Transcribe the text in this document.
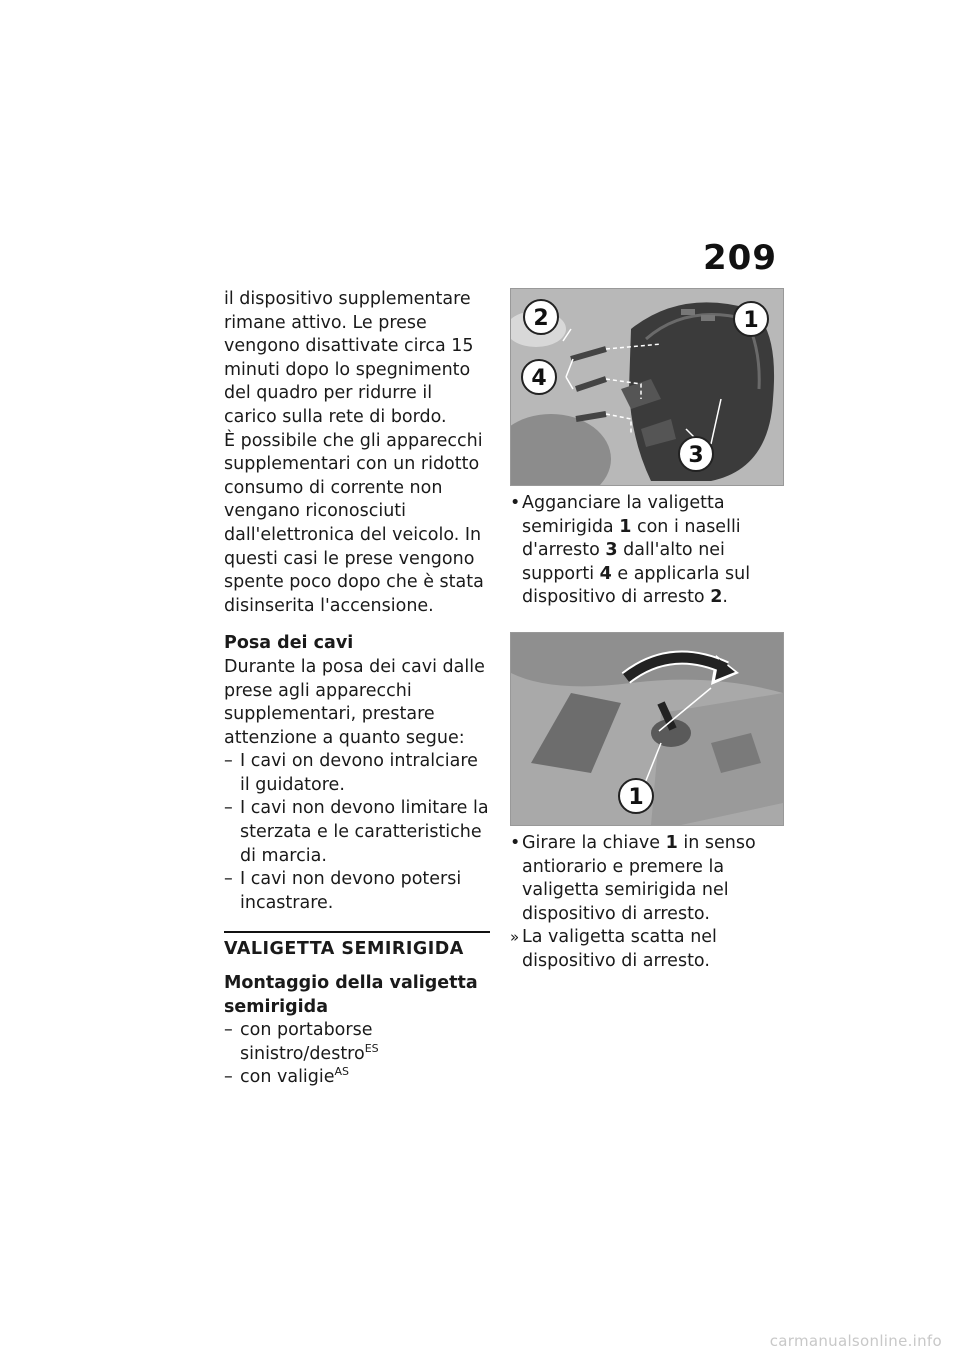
209

il dispositivo supplementare rimane attivo. Le prese vengono disattivate circa 15 minuti dopo lo spegnimento del quadro per ridurre il carico sulla rete di bordo.

È possibile che gli apparecchi supplementari con un ridotto consumo di corrente non vengano riconosciuti dall'elettronica del veicolo. In questi casi le prese vengono spente poco dopo che è stata disinserita l'accensione.

Posa dei cavi

Durante la posa dei cavi dalle prese agli apparecchi supplementari, prestare attenzione a quanto segue:

– I cavi on devono intralciare il guidatore.

– I cavi non devono limitare la sterzata e le caratteristiche di marcia.

– I cavi non devono potersi incastrare.

VALIGETTA SEMIRIGIDA

Montaggio della valigetta semirigida

– con portaborse sinistro/destro$^{ES}$

– con valigie$^{AS}$

2
4
1
3

• Agganciare la valigetta semirigida 1 con i naselli d'arresto 3 dall'alto nei supporti 4 e applicarla sul dispositivo di arresto 2.

1

• Girare la chiave 1 in senso antiorario e premere la valigetta semirigida nel dispositivo di arresto.

» La valigetta scatta nel dispositivo di arresto.

carmanualsonline.info
